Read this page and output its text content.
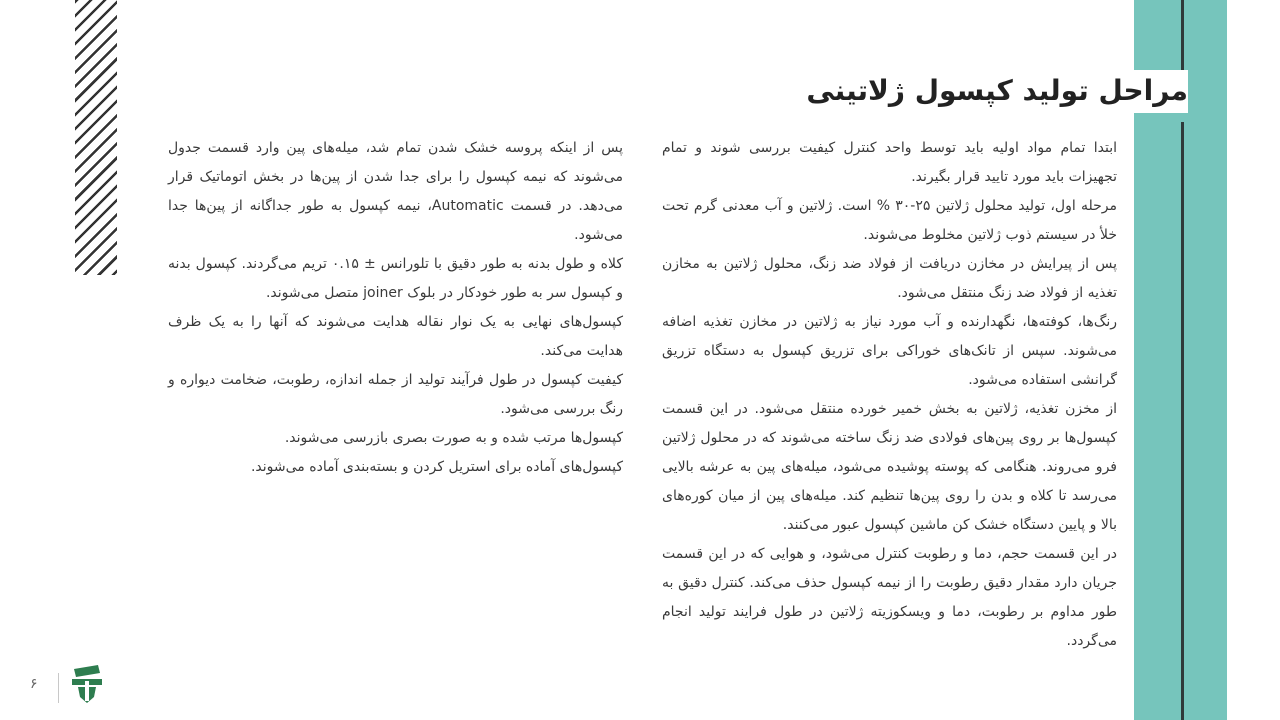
مراحل تولید کپسول ژلاتینی

ابتدا تمام مواد اولیه باید توسط واحد کنترل کیفیت بررسی شوند و تمام تجهیزات باید مورد تایید قرار بگیرند.

مرحله اول، تولید محلول ژلاتین ۲۵-۳۰ % است. ژلاتین و آب معدنی گرم تحت خلأ در سیستم ذوب ژلاتین مخلوط می‌شوند.

پس از پیرایش در مخازن دریافت از فولاد ضد زنگ، محلول ژلاتین به مخازن تغذیه از فولاد ضد زنگ منتقل می‌شود.

رنگ‌ها، کوفته‌ها، نگهدارنده و آب مورد نیاز به ژلاتین در مخازن تغذیه اضافه می‌شوند. سپس از تانک‌های خوراکی برای تزریق کپسول به دستگاه تزریق گرانشی استفاده می‌شود.

از مخزن تغذیه، ژلاتین به بخش خمیر خورده منتقل می‌شود. در این قسمت کپسول‌ها بر روی پین‌های فولادی ضد زنگ ساخته می‌شوند که در محلول ژلاتین فرو می‌روند. هنگامی که پوسته پوشیده می‌شود، میله‌های پین به عرشه بالایی می‌رسد تا کلاه و بدن را روی پین‌ها تنظیم کند. میله‌های پین از میان کوره‌های بالا و پایین دستگاه خشک کن ماشین کپسول عبور می‌کنند.

در این قسمت حجم، دما و رطوبت کنترل می‌شود، و هوایی که در این قسمت جریان دارد مقدار دقیق رطوبت را از نیمه کپسول حذف می‌کند. کنترل دقیق به طور مداوم بر رطوبت، دما و ویسکوزیته ژلاتین در طول فرایند تولید انجام می‌گردد.

پس از اینکه پروسه خشک شدن تمام شد، میله‌های پین وارد قسمت جدول می‌شوند که نیمه کپسول را برای جدا شدن از پین‌ها در بخش اتوماتیک قرار می‌دهد. در قسمت Automatic، نیمه کپسول به طور جداگانه از پین‌ها جدا می‌شود.

کلاه و طول بدنه به طور دقیق با تلورانس ± ۰.۱۵ تریم می‌گردند. کپسول بدنه و کپسول سر به طور خودکار در بلوک joiner متصل می‌شوند.

کپسول‌های نهایی به یک نوار نقاله هدایت می‌شوند که آنها را به یک ظرف هدایت می‌کند.

کیفیت کپسول در طول فرآیند تولید از جمله اندازه، رطوبت، ضخامت دیواره و رنگ بررسی می‌شود.

کپسول‌ها مرتب شده و به صورت بصری بازرسی می‌شوند.

کپسول‌های آماده برای استریل کردن و بسته‌بندی آماده می‌شوند.

۶
